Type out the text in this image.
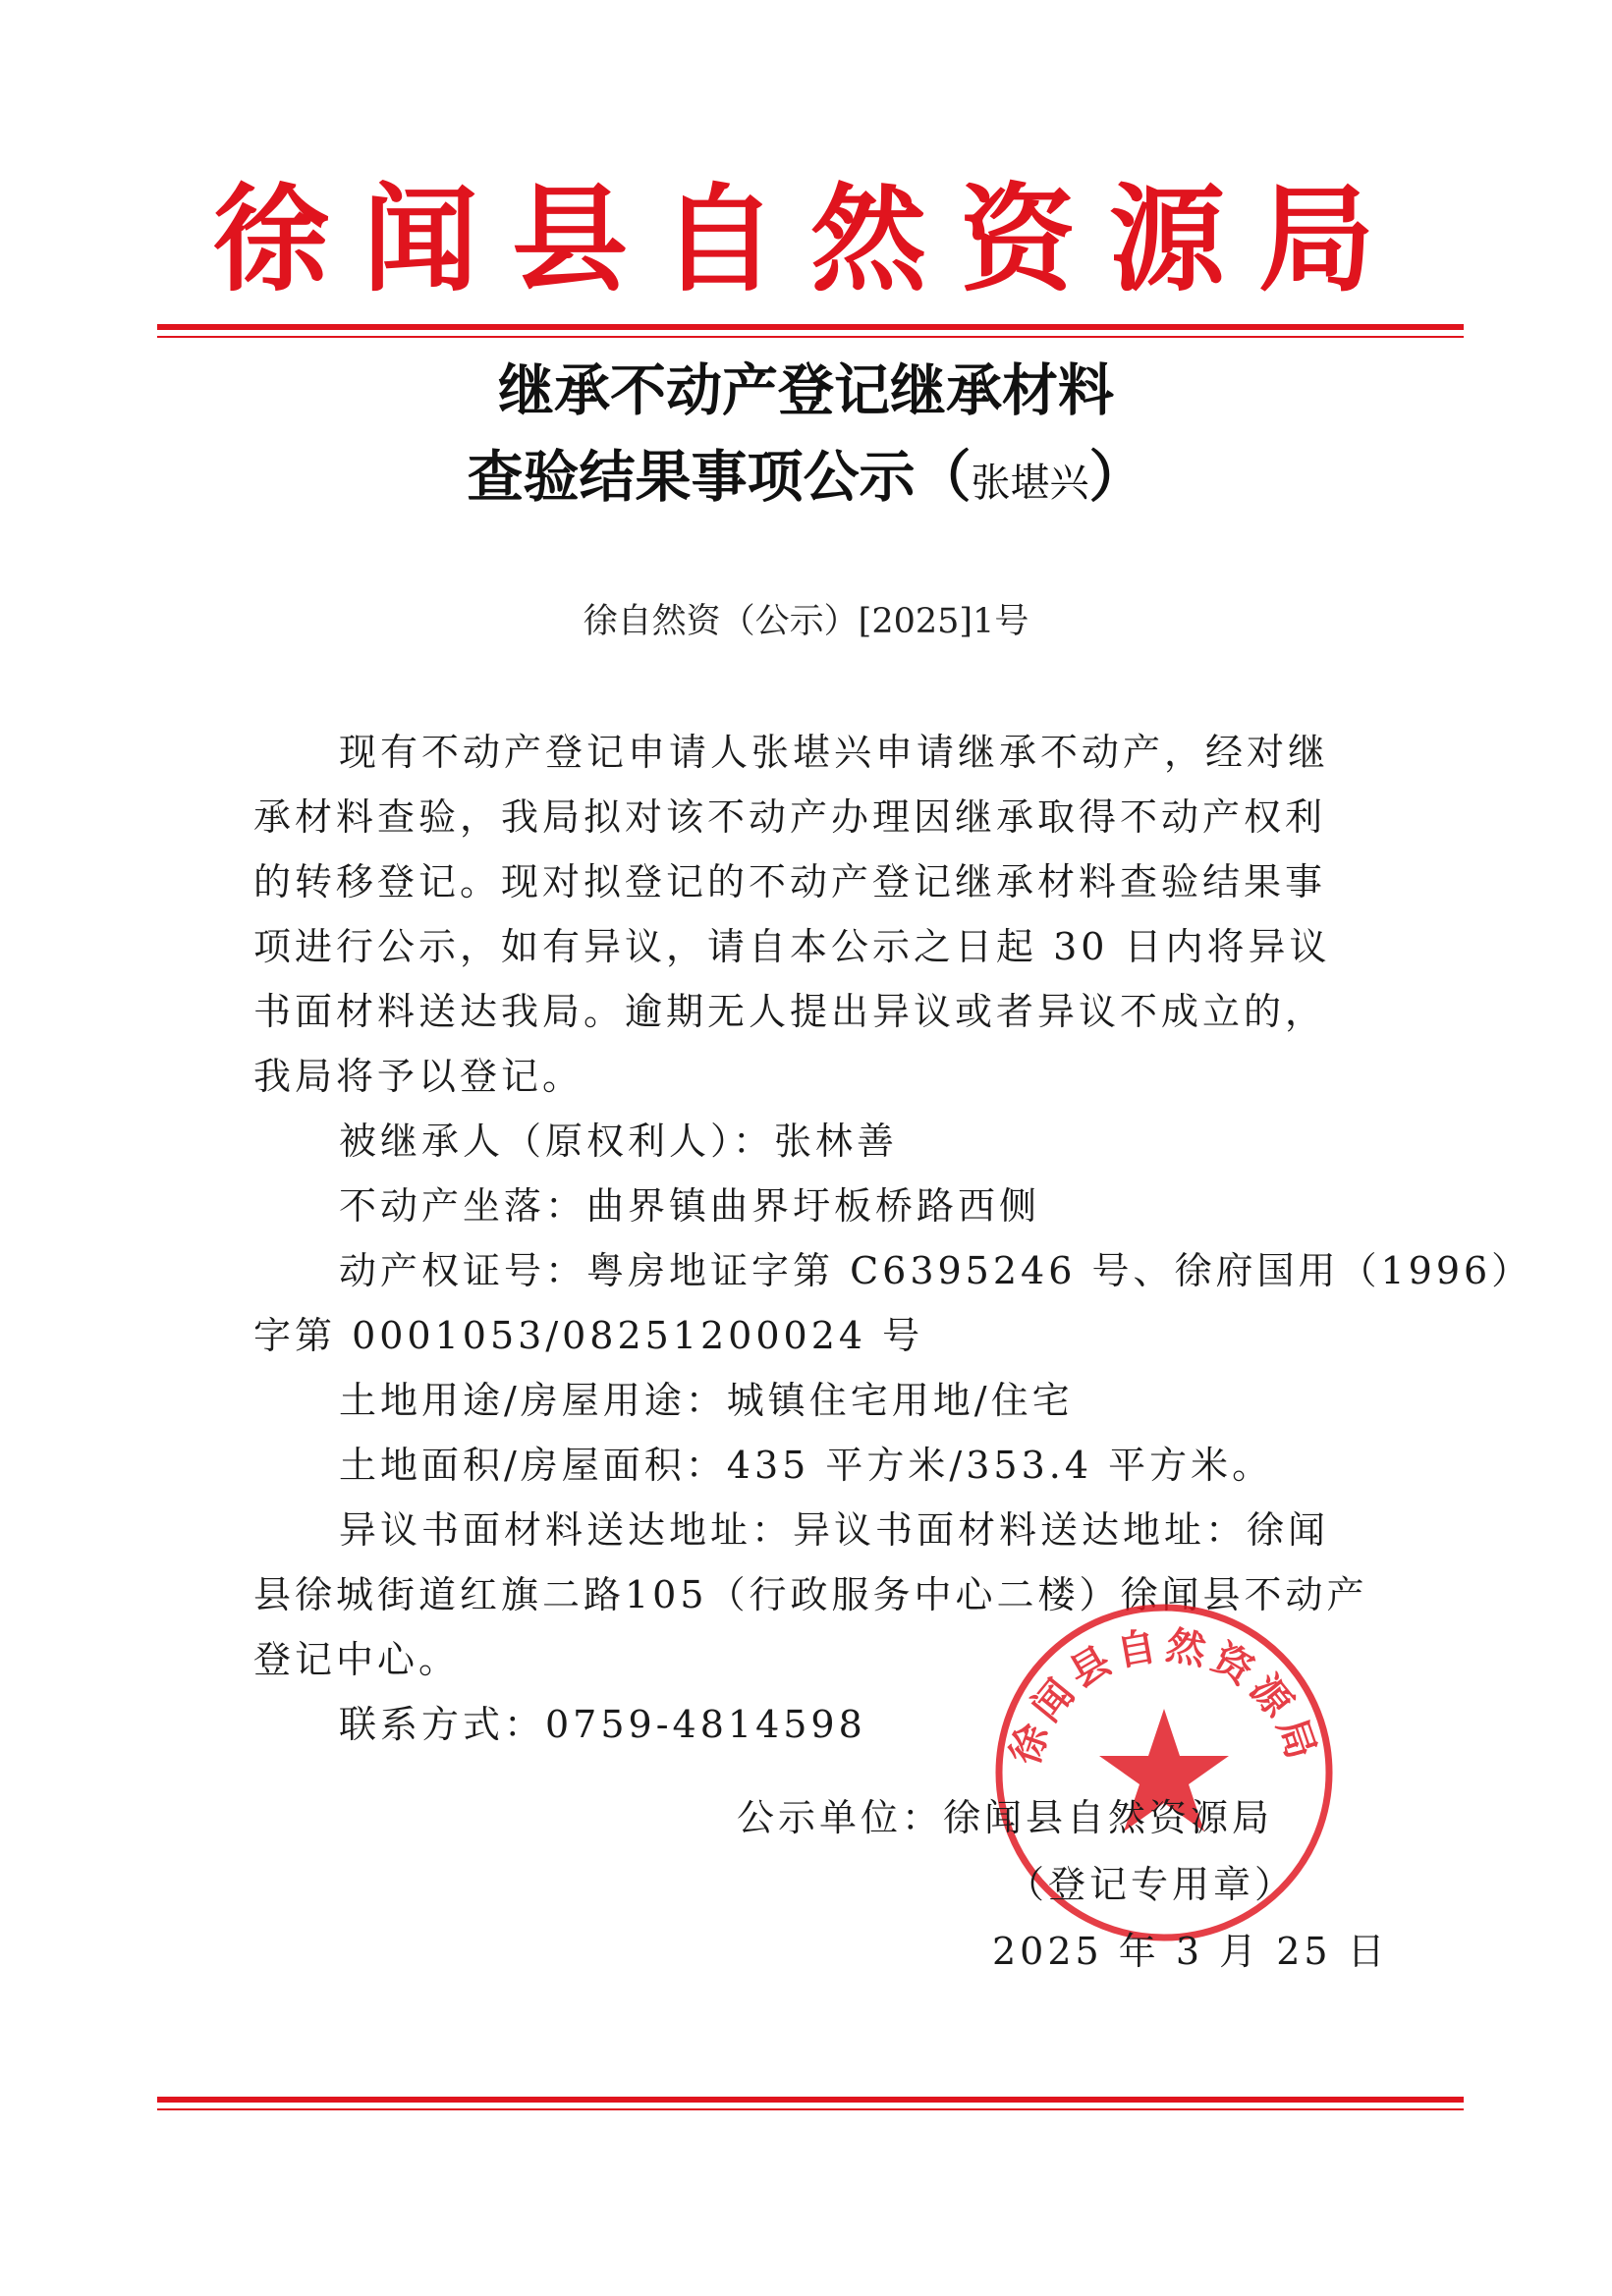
徐闻县自然资源局
继承不动产登记继承材料
查验结果事项公示（张堪兴）
徐自然资（公示）[2025]1号
现有不动产登记申请人张堪兴申请继承不动产，经对继
承材料查验，我局拟对该不动产办理因继承取得不动产权利
的转移登记。现对拟登记的不动产登记继承材料查验结果事
项进行公示，如有异议，请自本公示之日起 30 日内将异议
书面材料送达我局。逾期无人提出异议或者异议不成立的，
我局将予以登记。
被继承人（原权利人）：张林善
不动产坐落：曲界镇曲界圩板桥路西侧
动产权证号：粤房地证字第 C6395246 号、徐府国用（1996）
字第 0001053/08251200024 号
土地用途/房屋用途：城镇住宅用地/住宅
土地面积/房屋面积：435 平方米/353.4 平方米。
异议书面材料送达地址：异议书面材料送达地址：徐闻
县徐城街道红旗二路105（行政服务中心二楼）徐闻县不动产
登记中心。
联系方式：0759-4814598	徐闻县自然资源局
公示单位：徐闻县自然资源局
（登记专用章）
2025 年 3 月 25 日
